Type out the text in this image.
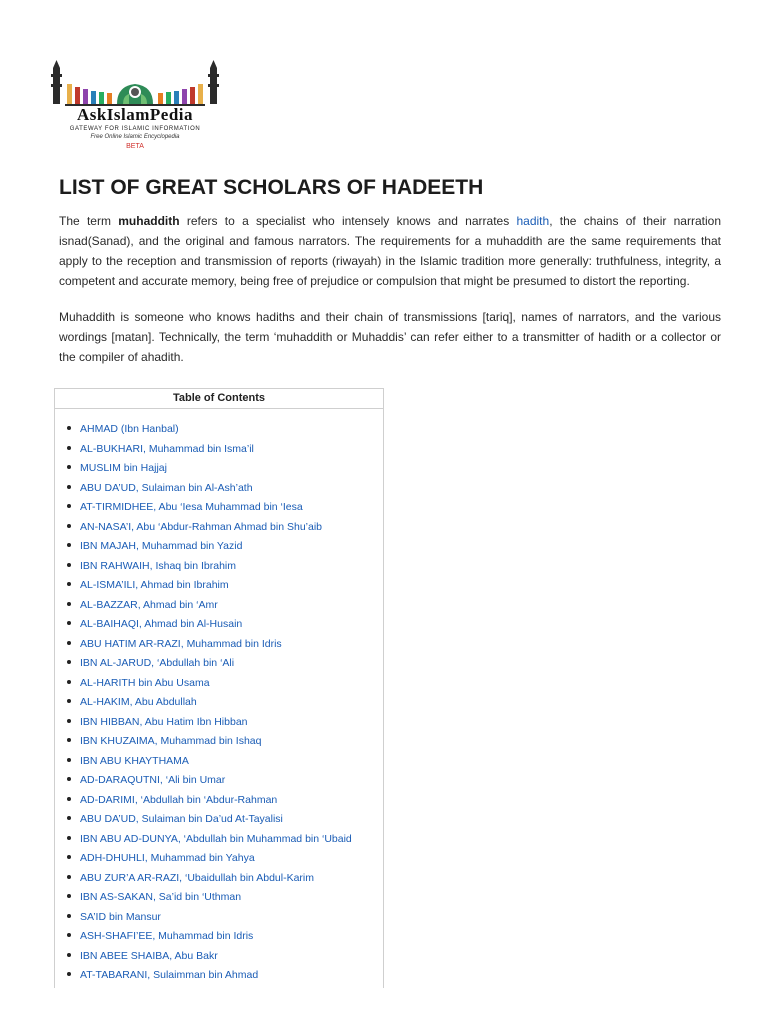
AskIslamPedia
GATEWAY FOR ISLAMIC INFORMATION
Free Online Islamic Encyclopedia
BETA
LIST OF GREAT SCHOLARS OF HADEETH

The term muhaddith refers to a specialist who intensely knows and narrates hadith, the chains of their narration isnad(Sanad), and the original and famous narrators. The requirements for a muhaddith are the same requirements that apply to the reception and transmission of reports (riwayah) in the Islamic tradition more generally: truthfulness, integrity, a competent and accurate memory, being free of prejudice or compulsion that might be presumed to distort the reporting.

Muhaddith is someone who knows hadiths and their chain of transmissions [tariq], names of narrators, and the various wordings [matan]. Technically, the term ‘muhaddith or Muhaddis’ can refer either to a transmitter of hadith or a collector or the compiler of ahadith.

Table of Contents
AHMAD (Ibn Hanbal)
AL-BUKHARI, Muhammad bin Isma’il
MUSLIM bin Hajjaj
ABU DA’UD, Sulaiman bin Al-Ash’ath
AT-TIRMIDHEE, Abu ‘Iesa Muhammad bin ‘Iesa
AN-NASA’I, Abu ‘Abdur-Rahman Ahmad bin Shu’aib
IBN MAJAH, Muhammad bin Yazid
IBN RAHWAIH, Ishaq bin Ibrahim
AL-ISMA’ILI, Ahmad bin Ibrahim
AL-BAZZAR, Ahmad bin ‘Amr
AL-BAIHAQI, Ahmad bin Al-Husain
ABU HATIM AR-RAZI, Muhammad bin Idris
IBN AL-JARUD, ‘Abdullah bin ‘Ali
AL-HARITH bin Abu Usama
AL-HAKIM, Abu Abdullah
IBN HIBBAN, Abu Hatim Ibn Hibban
IBN KHUZAIMA, Muhammad bin Ishaq
IBN ABU KHAYTHAMA
AD-DARAQUTNI, ‘Ali bin Umar
AD-DARIMI, ‘Abdullah bin ‘Abdur-Rahman
ABU DA’UD, Sulaiman bin Da’ud At-Tayalisi
IBN ABU AD-DUNYA, ‘Abdullah bin Muhammad bin ‘Ubaid
ADH-DHUHLI, Muhammad bin Yahya
ABU ZUR’A AR-RAZI, ‘Ubaidullah bin Abdul-Karim
IBN AS-SAKAN, Sa’id bin ‘Uthman
SA’ID bin Mansur
ASH-SHAFI’EE, Muhammad bin Idris
IBN ABEE SHAIBA, Abu Bakr
AT-TABARANI, Sulaimman bin Ahmad
